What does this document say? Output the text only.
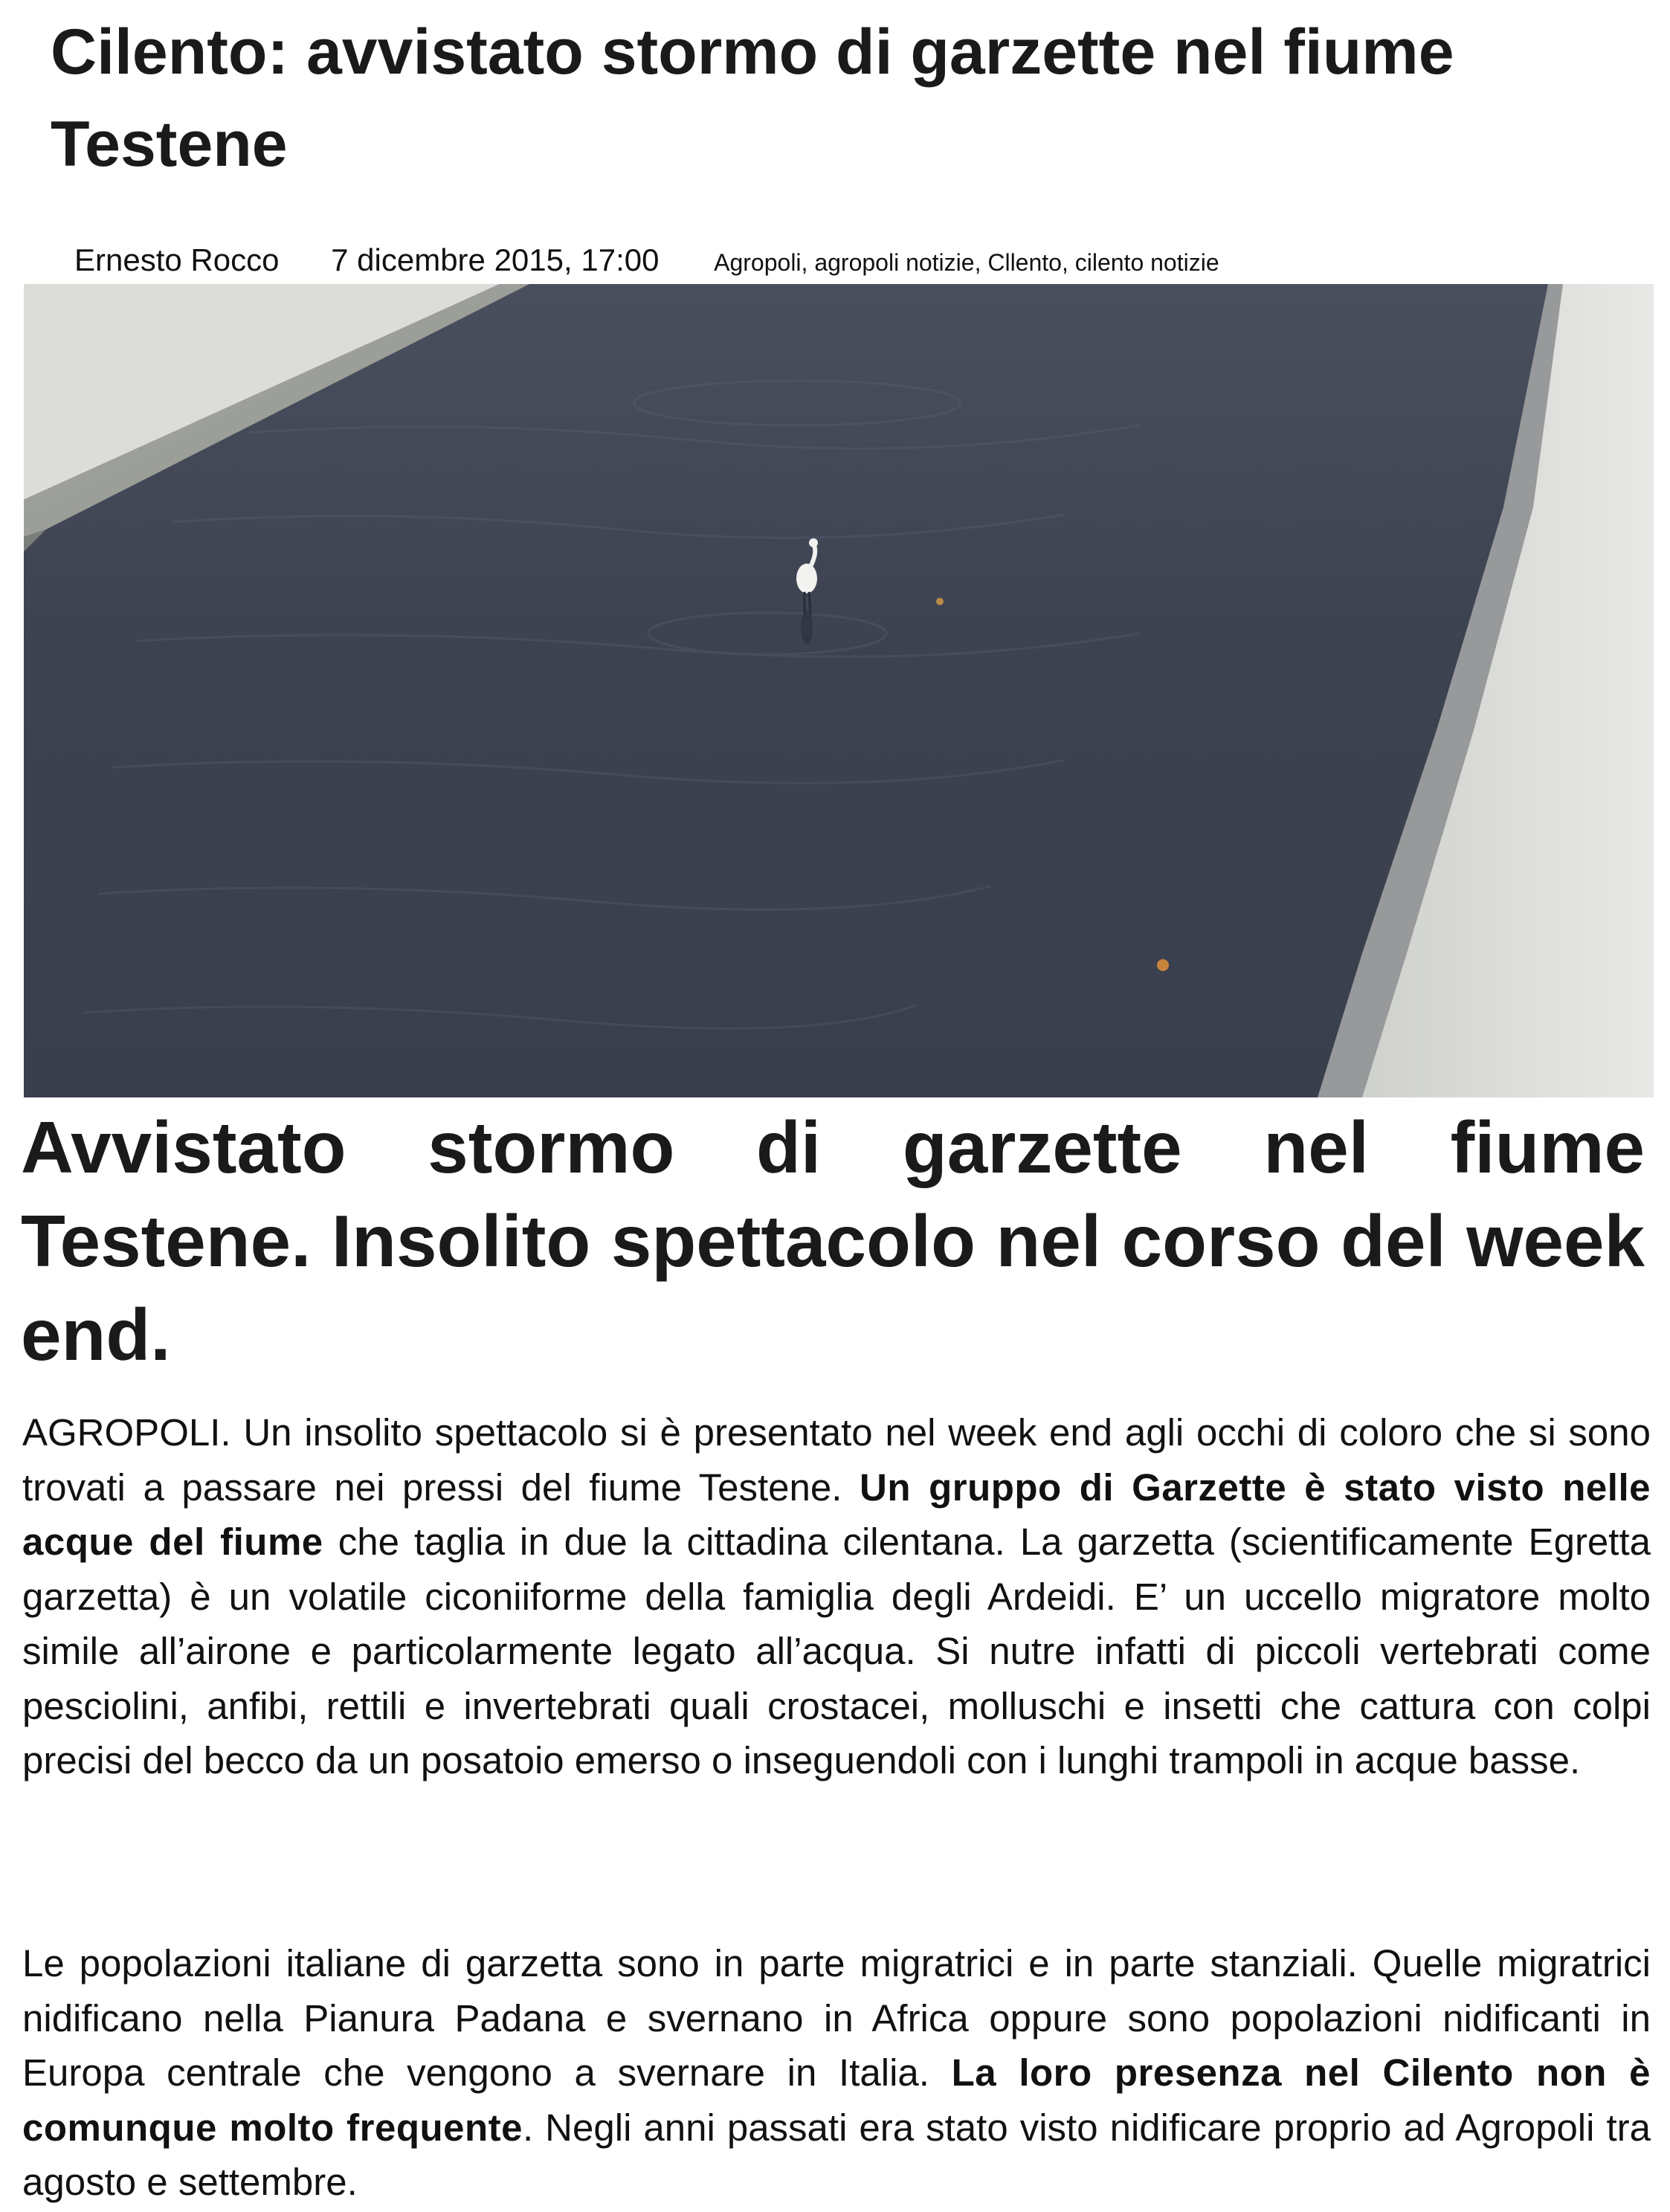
Cilento: avvistato stormo di garzette nel fiume Testene
Ernesto Rocco 7 dicembre 2015, 17:00 Agropoli, agropoli notizie, Cllento, cilento notizie
Avvistato stormo di garzette nel fiume Testene. Insolito spettacolo nel corso del week end.

AGROPOLI. Un insolito spettacolo si è presentato nel week end agli occhi di coloro che si sono trovati a passare nei pressi del fiume Testene. Un gruppo di Garzette è stato visto nelle acque del fiume che taglia in due la cittadina cilentana. La garzetta (scientificamente Egretta garzetta) è un volatile ciconiiforme della famiglia degli Ardeidi. E’ un uccello migratore molto simile all’airone e particolarmente legato all’acqua. Si nutre infatti di piccoli vertebrati come pesciolini, anfibi, rettili e invertebrati quali crostacei, molluschi e insetti che cattura con colpi precisi del becco da un posatoio emerso o inseguendoli con i lunghi trampoli in acque basse.

Le popolazioni italiane di garzetta sono in parte migratrici e in parte stanziali. Quelle migratrici nidificano nella Pianura Padana e svernano in Africa oppure sono popolazioni nidificanti in Europa centrale che vengono a svernare in Italia. La loro presenza nel Cilento non è comunque molto frequente. Negli anni passati era stato visto nidificare proprio ad Agropoli tra agosto e settembre.
